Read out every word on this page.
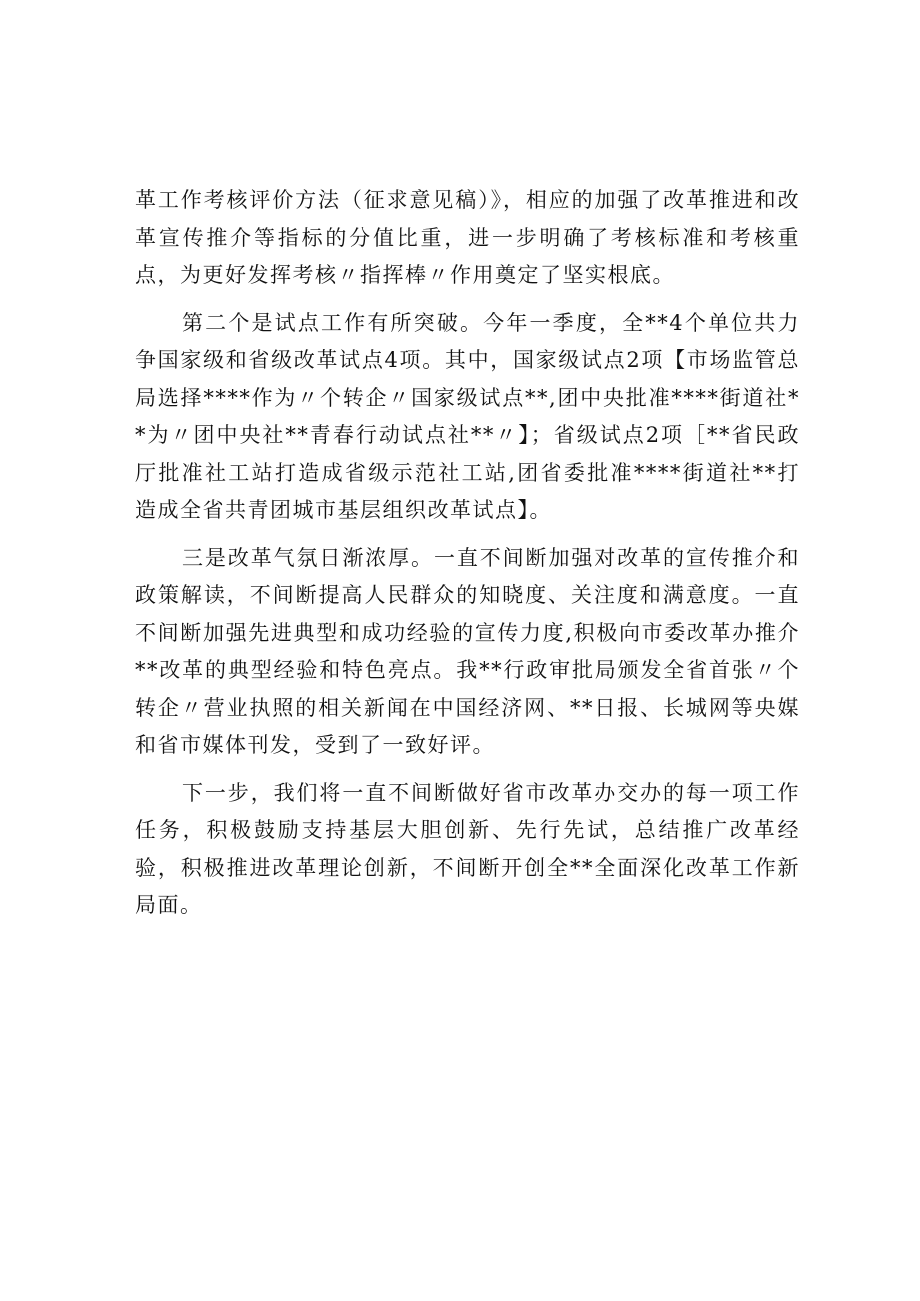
革工作考核评价方法（征求意见稿）》，相应的加强了改革推进和改革宣传推介等指标的分值比重，进一步明确了考核标准和考核重点，为更好发挥考核〃指挥棒〃作用奠定了坚实根底。

第二个是试点工作有所突破。今年一季度，全**4个单位共力争国家级和省级改革试点4项。其中，国家级试点2项【市场监管总局选择****作为〃个转企〃国家级试点**,团中央批准****街道社**为〃团中央社**青春行动试点社**〃】；省级试点2项［**省民政厅批准社工站打造成省级示范社工站,团省委批准****街道社**打造成全省共青团城市基层组织改革试点】。

三是改革气氛日渐浓厚。一直不间断加强对改革的宣传推介和政策解读，不间断提高人民群众的知晓度、关注度和满意度。一直不间断加强先进典型和成功经验的宣传力度,积极向市委改革办推介**改革的典型经验和特色亮点。我**行政审批局颁发全省首张〃个转企〃营业执照的相关新闻在中国经济网、**日报、长城网等央媒和省市媒体刊发，受到了一致好评。

下一步，我们将一直不间断做好省市改革办交办的每一项工作任务，积极鼓励支持基层大胆创新、先行先试，总结推广改革经验，积极推进改革理论创新，不间断开创全**全面深化改革工作新局面。
